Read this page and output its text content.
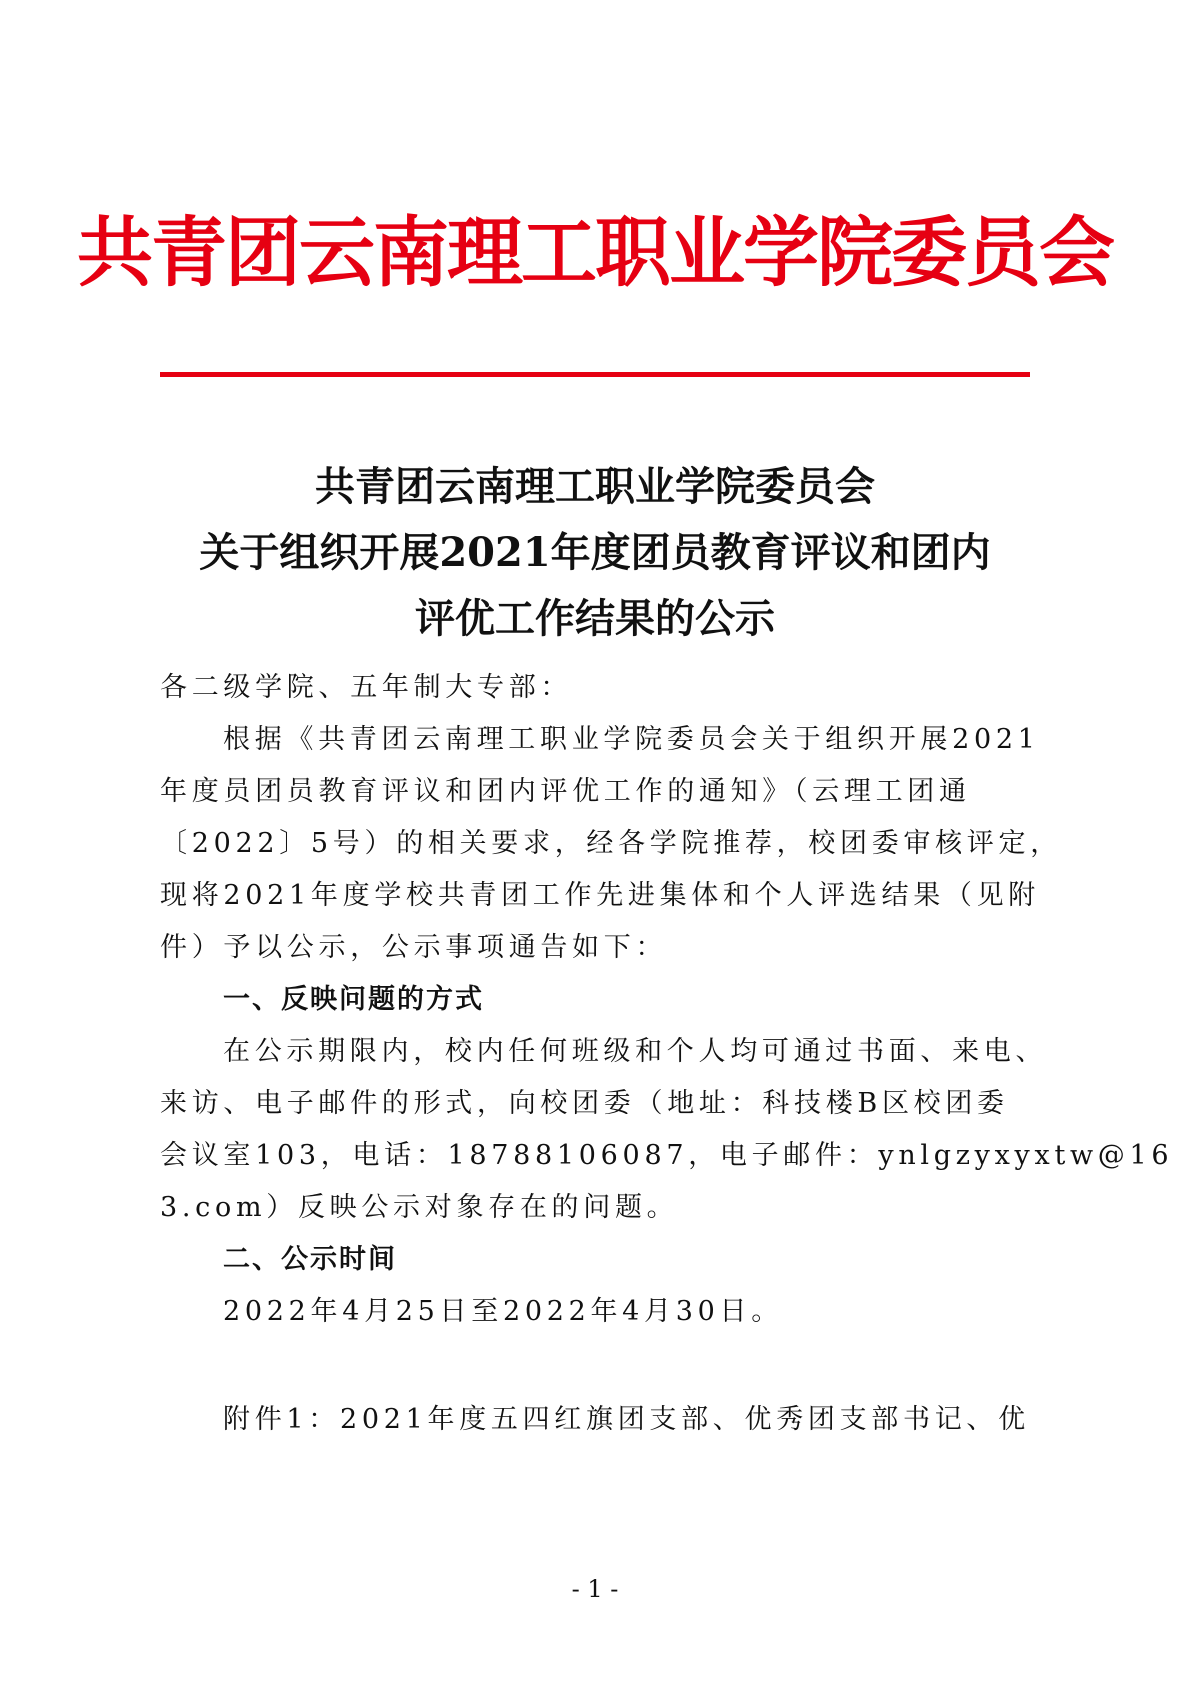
共青团云南理工职业学院委员会
共青团云南理工职业学院委员会
关于组织开展2021年度团员教育评议和团内
评优工作结果的公示
各二级学院、五年制大专部：
根据《共青团云南理工职业学院委员会关于组织开展2021
年度员团员教育评议和团内评优工作的通知》（云理工团通
〔2022〕5号）的相关要求，经各学院推荐，校团委审核评定，
现将2021年度学校共青团工作先进集体和个人评选结果（见附
件）予以公示，公示事项通告如下：
一、反映问题的方式
在公示期限内，校内任何班级和个人均可通过书面、来电、
来访、电子邮件的形式，向校团委（地址：科技楼B区校团委
会议室103，电话：18788106087，电子邮件：ynlgzyxyxtw@16
3.com）反映公示对象存在的问题。
二、公示时间
2022年4月25日至2022年4月30日。
附件1：2021年度五四红旗团支部、优秀团支部书记、优
- 1 -
